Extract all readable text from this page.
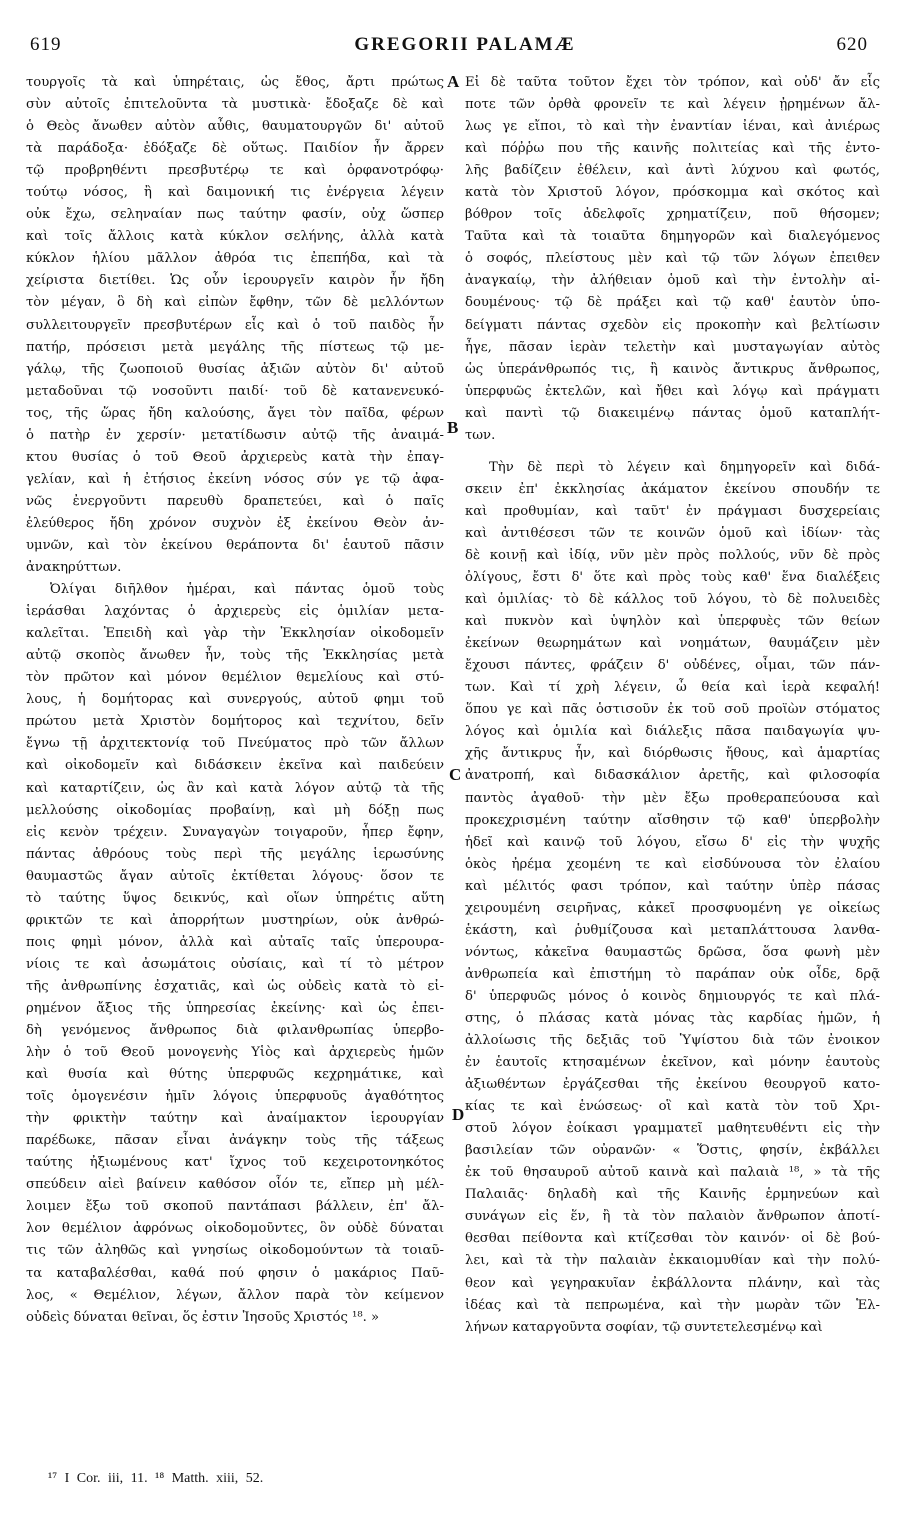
619	GREGORII PALAMÆ	620
τουργοῖς τὰ καὶ ὑπηρέταις, ὡς ἔθος, ἄρτι πρώτως
σὺν αὐτοῖς ἐπιτελοῦντα τὰ μυστικὰ· ἔδοξαζε δὲ καὶ
ὁ Θεὸς ἄνωθεν αὐτὸν αὖθις, θαυματουργῶν δι' αὐτοῦ
τὰ παράδοξα· ἐδόξαζε δὲ οὕτως. Παιδίον ἦν ἄρρεν
τῷ προβρηθέντι πρεσβυτέρῳ τε καὶ ὀρφανοτρόφῳ·
τούτῳ νόσος, ἢ καὶ δαιμονική τις ἐνέργεια λέγειν
οὐκ ἔχω, σεληναίαν πως ταύτην φασίν, οὐχ ὥσπερ
καὶ τοῖς ἄλλοις κατὰ κύκλον σελήνης, ἀλλὰ κατὰ
κύκλον ἡλίου μᾶλλον ἀθρόα τις ἐπεπήδα, καὶ τὰ
χείριστα διετίθει. Ὡς οὖν ἱερουργεῖν καιρὸν ἦν ἤδη
τὸν μέγαν, ὃ δὴ καὶ εἰπὼν ἔφθην, τῶν δὲ μελλόντων
συλλειτουργεῖν πρεσβυτέρων εἷς καὶ ὁ τοῦ παιδὸς ἦν
πατήρ, πρόσεισι μετὰ μεγάλης τῆς πίστεως τῷ με-
γάλῳ, τῆς ζωοποιοῦ θυσίας ἀξιῶν αὐτὸν δι' αὐτοῦ
μεταδοῦναι τῷ νοσοῦντι παιδί· τοῦ δὲ κατανενευκό-
τος, τῆς ὥρας ἤδη καλούσης, ἄγει τὸν παῖδα, φέρων
ὁ πατὴρ ἐν χερσίν· μετατίδωσιν αὐτῷ τῆς ἀναιμά-
κτου θυσίας ὁ τοῦ Θεοῦ ἀρχιερεὺς κατὰ τὴν ἐπαγ-
γελίαν, καὶ ἡ ἐτήσιος ἐκείνη νόσος σύν γε τῷ ἀφα-
νῶς ἐνεργοῦντι παρευθὺ δραπετεύει, καὶ ὁ παῖς
ἐλεύθερος ἤδη χρόνον συχνὸν ἐξ ἐκείνου Θεὸν ἀν-
υμνῶν, καὶ τὸν ἐκείνου θεράποντα δι' ἑαυτοῦ πᾶσιν
ἀνακηρύττων.
Ὀλίγαι διῆλθον ἡμέραι, καὶ πάντας ὁμοῦ τοὺς
ἱεράσθαι λαχόντας ὁ ἀρχιερεὺς εἰς ὁμιλίαν μετα-
καλεῖται. Ἐπειδὴ καὶ γὰρ τὴν Ἐκκλησίαν οἰκοδομεῖν
αὐτῷ σκοπὸς ἄνωθεν ἦν, τοὺς τῆς Ἐκκλησίας μετὰ
τὸν πρῶτον καὶ μόνον θεμέλιον θεμελίους καὶ στύ-
λους, ἡ δομήτορας καὶ συνεργούς, αὐτοῦ φημι τοῦ
πρώτου μετὰ Χριστὸν δομήτορος καὶ τεχνίτου, δεῖν
ἔγνω τῇ ἀρχιτεκτονίᾳ τοῦ Πνεύματος πρὸ τῶν ἄλλων
καὶ οἰκοδομεῖν καὶ διδάσκειν ἐκεῖνα καὶ παιδεύειν
καὶ καταρτίζειν, ὡς ἂν καὶ κατὰ λόγον αὐτῷ τὰ τῆς
μελλούσης οἰκοδομίας προβαίνῃ, καὶ μὴ δόξῃ πως
εἰς κενὸν τρέχειν. Συναγαγὼν τοιγαροῦν, ἧπερ ἔφην,
πάντας ἀθρόους τοὺς περὶ τῆς μεγάλης ἱερωσύνης
θαυμαστῶς ἄγαν αὐτοῖς ἐκτίθεται λόγους· ὅσον τε
τὸ ταύτης ὕψος δεικνύς, καὶ οἵων ὑπηρέτις αὕτη
φρικτῶν τε καὶ ἀπορρήτων μυστηρίων, οὐκ ἀνθρώ-
ποις φημὶ μόνον, ἀλλὰ καὶ αὐταῖς ταῖς ὑπερουρα-
νίοις τε καὶ ἀσωμάτοις οὐσίαις, καὶ τί τὸ μέτρον
τῆς ἀνθρωπίνης ἐσχατιᾶς, καὶ ὡς οὐδεὶς κατὰ τὸ εἰ-
ρημένον ἄξιος τῆς ὑπηρεσίας ἐκείνης· καὶ ὡς ἐπει-
δὴ γενόμενος ἄνθρωπος διὰ φιλανθρωπίας ὑπερβο-
λὴν ὁ τοῦ Θεοῦ μονογενὴς Υἱὸς καὶ ἀρχιερεὺς ἡμῶν
καὶ θυσία καὶ θύτης ὑπερφυῶς κεχρημάτικε, καὶ
τοῖς ὁμογενέσιν ἡμῖν λόγοις ὑπερφυοῦς ἀγαθότητος
τὴν φρικτὴν ταύτην καὶ ἀναίμακτον ἱερουργίαν
παρέδωκε, πᾶσαν εἶναι ἀνάγκην τοὺς τῆς τάξεως
ταύτης ἠξιωμένους κατ' ἴχνος τοῦ κεχειροτονηκότος
σπεύδειν αἰεὶ βαίνειν καθόσον οἷόν τε, εἴπερ μὴ μέλ-
λοιμεν ἔξω τοῦ σκοποῦ παντάπασι βάλλειν, ἐπ' ἄλ-
λον θεμέλιον ἀφρόνως οἰκοδομοῦντες, ὃν οὐδὲ δύναται
τις τῶν ἀληθῶς καὶ γνησίως οἰκοδομούντων τὰ τοιαῦ-
τα καταβαλέσθαι, καθά πού φησιν ὁ μακάριος Παῦ-
λος, « Θεμέλιον, λέγων, ἄλλον παρὰ τὸν κείμενον
οὐδεὶς δύναται θεῖναι, ὅς ἐστιν Ἰησοῦς Χριστός ¹⁸. »
Εἰ δὲ ταῦτα τοῦτον ἔχει τὸν τρόπον, καὶ οὐδ' ἄν εἷς
ποτε τῶν ὀρθὰ φρονεῖν τε καὶ λέγειν ᾐρημένων ἄλ-
λως γε εἴποι, τὸ καὶ τὴν ἐναντίαν ἰέναι, καὶ ἀνιέρως
καὶ πόῤῥω που τῆς καινῆς πολιτείας καὶ τῆς ἐντο-
λῆς βαδίζειν ἐθέλειν, καὶ ἀντὶ λύχνου καὶ φωτός,
κατὰ τὸν Χριστοῦ λόγον, πρόσκομμα καὶ σκότος καὶ
βόθρον τοῖς ἀδελφοῖς χρηματίζειν, ποῦ θήσομεν;
Ταῦτα καὶ τὰ τοιαῦτα δημηγορῶν καὶ διαλεγόμενος
ὁ σοφός, πλείστους μὲν καὶ τῷ τῶν λόγων ἐπειθεν
ἀναγκαίῳ, τὴν ἀλήθειαν ὁμοῦ καὶ τὴν ἐντολὴν αἰ-
δουμένους· τῷ δὲ πράξει καὶ τῷ καθ' ἑαυτὸν ὑπο-
δείγματι πάντας σχεδὸν εἰς προκοπὴν καὶ βελτίωσιν
ἦγε, πᾶσαν ἱερὰν τελετὴν καὶ μυσταγωγίαν αὐτὸς
ὡς ὑπεράνθρωπός τις, ἢ καινὸς ἄντικρυς ἄνθρωπος,
ὑπερφυῶς ἐκτελῶν, καὶ ἤθει καὶ λόγῳ καὶ πράγματι
καὶ παντὶ τῷ διακειμένῳ πάντας ὁμοῦ καταπλήτ-
των.
Τὴν δὲ περὶ τὸ λέγειν καὶ δημηγορεῖν καὶ διδά-
σκειν ἐπ' ἐκκλησίας ἀκάματον ἐκείνου σπουδήν τε
καὶ προθυμίαν, καὶ ταῦτ' ἐν πράγμασι δυσχερείαις
καὶ ἀντιθέσεσι τῶν τε κοινῶν ὁμοῦ καὶ ἰδίων· τὰς
δὲ κοινῇ καὶ ἰδίᾳ, νῦν μὲν πρὸς πολλούς, νῦν δὲ πρὸς
ὀλίγους, ἔστι δ' ὅτε καὶ πρὸς τοὺς καθ' ἕνα διαλέξεις
καὶ ὁμιλίας· τὸ δὲ κάλλος τοῦ λόγου, τὸ δὲ πολυειδὲς
καὶ πυκνὸν καὶ ὑψηλὸν καὶ ὑπερφυὲς τῶν θείων
ἐκείνων θεωρημάτων καὶ νοημάτων, θαυμάζειν μὲν
ἔχουσι πάντες, φράζειν δ' οὐδένες, οἶμαι, τῶν πάν-
των. Καὶ τί χρὴ λέγειν, ὦ θεία καὶ ἱερὰ κεφαλή!
ὅπου γε καὶ πᾶς ὁστισοῦν ἐκ τοῦ σοῦ προϊὼν στόματος
λόγος καὶ ὁμιλία καὶ διάλεξις πᾶσα παιδαγωγία ψυ-
χῆς ἄντικρυς ἦν, καὶ διόρθωσις ἤθους, καὶ ἁμαρτίας
ἀνατροπή, καὶ διδασκάλιον ἀρετῆς, καὶ φιλοσοφία
παντὸς ἀγαθοῦ· τὴν μὲν ἔξω προθεραπεύουσα καὶ
προκεχρισμένη ταύτην αἴσθησιν τῷ καθ' ὑπερβολὴν
ἡδεῖ καὶ καινῷ τοῦ λόγου, εἴσω δ' εἰς τὴν ψυχῆς
ὁκὸς ἠρέμα χεομένη τε καὶ εἰσδύνουσα τὸν ἐλαίου
καὶ μέλιτός φασι τρόπον, καὶ ταύτην ὑπὲρ πάσας
χειρουμένη σειρῆνας, κἀκεῖ προσφυομένη γε οἰκείως
ἑκάστη, καὶ ῥυθμίζουσα καὶ μεταπλάττουσα λανθα-
νόντως, κἀκεῖνα θαυμαστῶς δρῶσα, ὅσα φωνὴ μὲν
ἀνθρωπεία καὶ ἐπιστήμη τὸ παράπαν οὐκ οἶδε, δρᾷ
δ' ὑπερφυῶς μόνος ὁ κοινὸς δημιουργός τε καὶ πλά-
στης, ὁ πλάσας κατὰ μόνας τὰς καρδίας ἡμῶν, ἡ
ἀλλοίωσις τῆς δεξιᾶς τοῦ Ὑψίστου διὰ τῶν ἐνοικον
ἐν ἑαυτοῖς κτησαμένων ἐκεῖνον, καὶ μόνην ἑαυτοὺς
ἀξιωθέντων ἐργάζεσθαι τῆς ἐκείνου θεουργοῦ κατο-
κίας τε καὶ ἑνώσεως· οἳ καὶ κατὰ τὸν τοῦ Χρι-
στοῦ λόγον ἐοίκασι γραμματεῖ μαθητευθέντι εἰς τὴν
βασιλείαν τῶν οὐρανῶν· « Ὅστις, φησίν, ἐκβάλλει
ἐκ τοῦ θησαυροῦ αὐτοῦ καινὰ καὶ παλαιὰ ¹⁸, » τὰ τῆς
Παλαιᾶς· δηλαδὴ καὶ τῆς Καινῆς ἑρμηνεύων καὶ
συνάγων εἰς ἕν, ἢ τὰ τὸν παλαιὸν ἄνθρωπον ἀποτί-
θεσθαι πείθοντα καὶ κτίζεσθαι τὸν καινόν· οἱ δὲ βού-
λει, καὶ τὰ τὴν παλαιὰν ἐκκαιομυθίαν καὶ τὴν πολύ-
θεον καὶ γεγηρακυῖαν ἐκβάλλοντα πλάνην, καὶ τὰς
ἰδέας καὶ τὰ πεπρωμένα, καὶ τὴν μωρὰν τῶν Ἑλ-
λήνων καταργοῦντα σοφίαν, τῷ συντετελεσμένῳ καὶ
A
B
C
D
¹⁷ I Cor. iii, 11. ¹⁸ Matth. xiii, 52.
